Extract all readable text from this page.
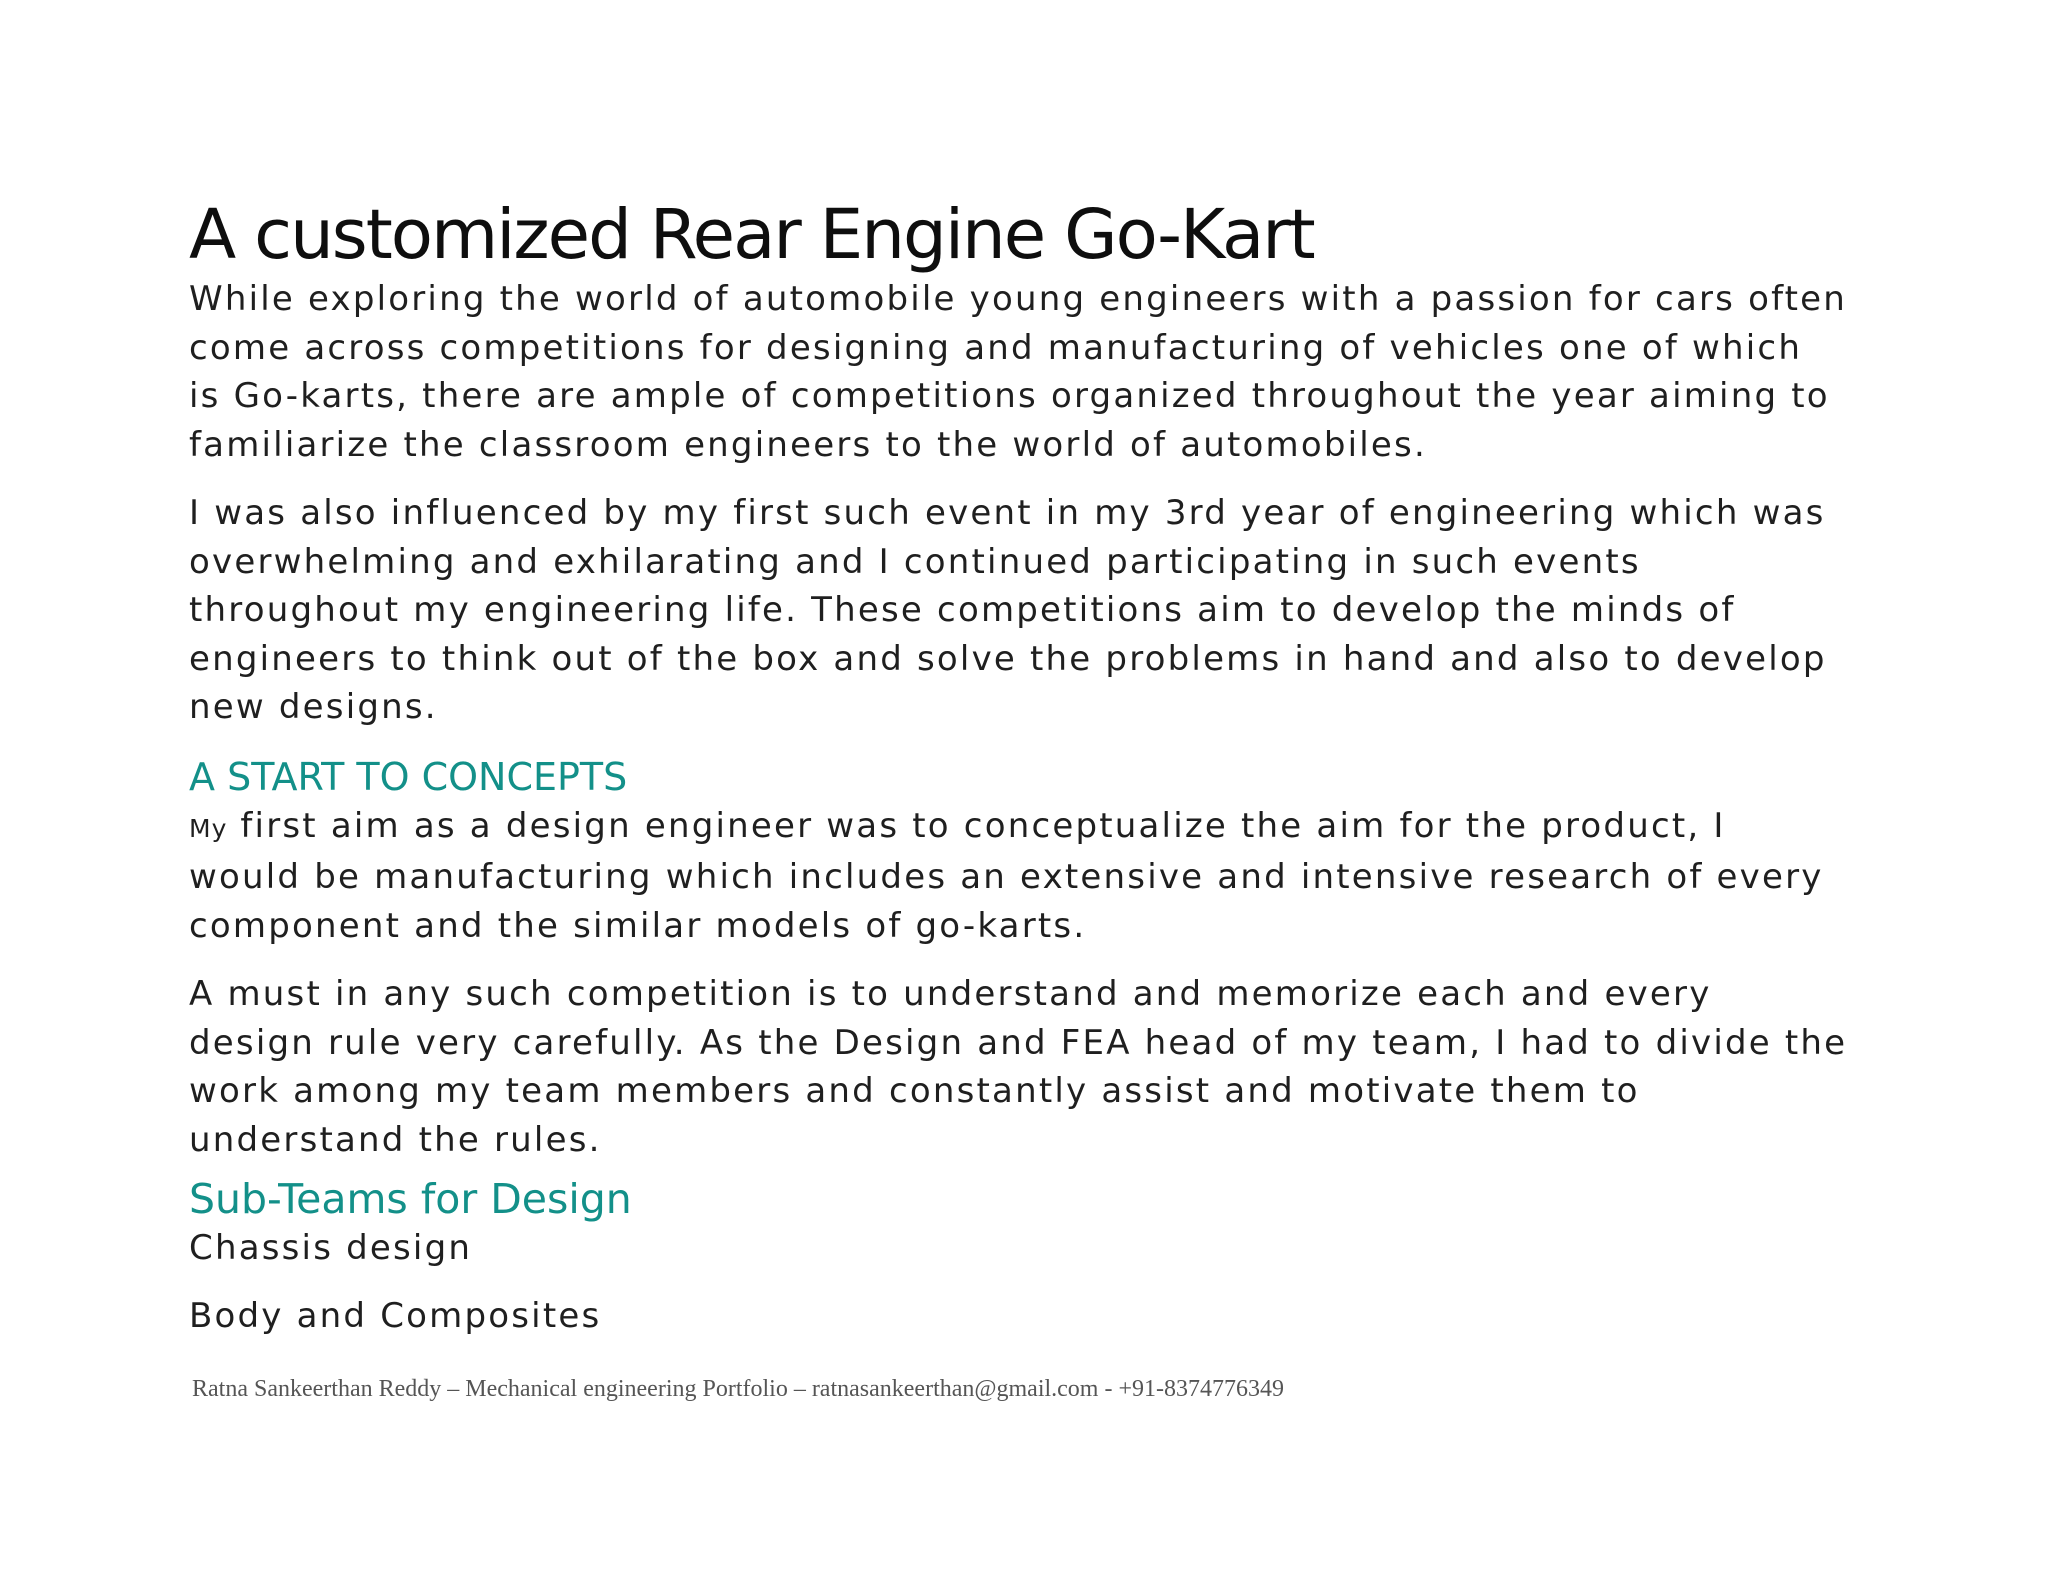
A customized Rear Engine Go-Kart

While exploring the world of automobile young engineers with a passion for cars often
come across competitions for designing and manufacturing of vehicles one of which
is Go-karts, there are ample of competitions organized throughout the year aiming to
familiarize the classroom engineers to the world of automobiles.

I was also influenced by my first such event in my 3rd year of engineering which was
overwhelming and exhilarating and I continued participating in such events
throughout my engineering life. These competitions aim to develop the minds of
engineers to think out of the box and solve the problems in hand and also to develop
new designs.

A START TO CONCEPTS

My first aim as a design engineer was to conceptualize the aim for the product, I
would be manufacturing which includes an extensive and intensive research of every
component and the similar models of go-karts.

A must in any such competition is to understand and memorize each and every
design rule very carefully. As the Design and FEA head of my team, I had to divide the
work among my team members and constantly assist and motivate them to
understand the rules.

Sub-Teams for Design

Chassis design

Body and Composites

Ratna Sankeerthan Reddy – Mechanical engineering Portfolio – ratnasankeerthan@gmail.com - +91-8374776349
